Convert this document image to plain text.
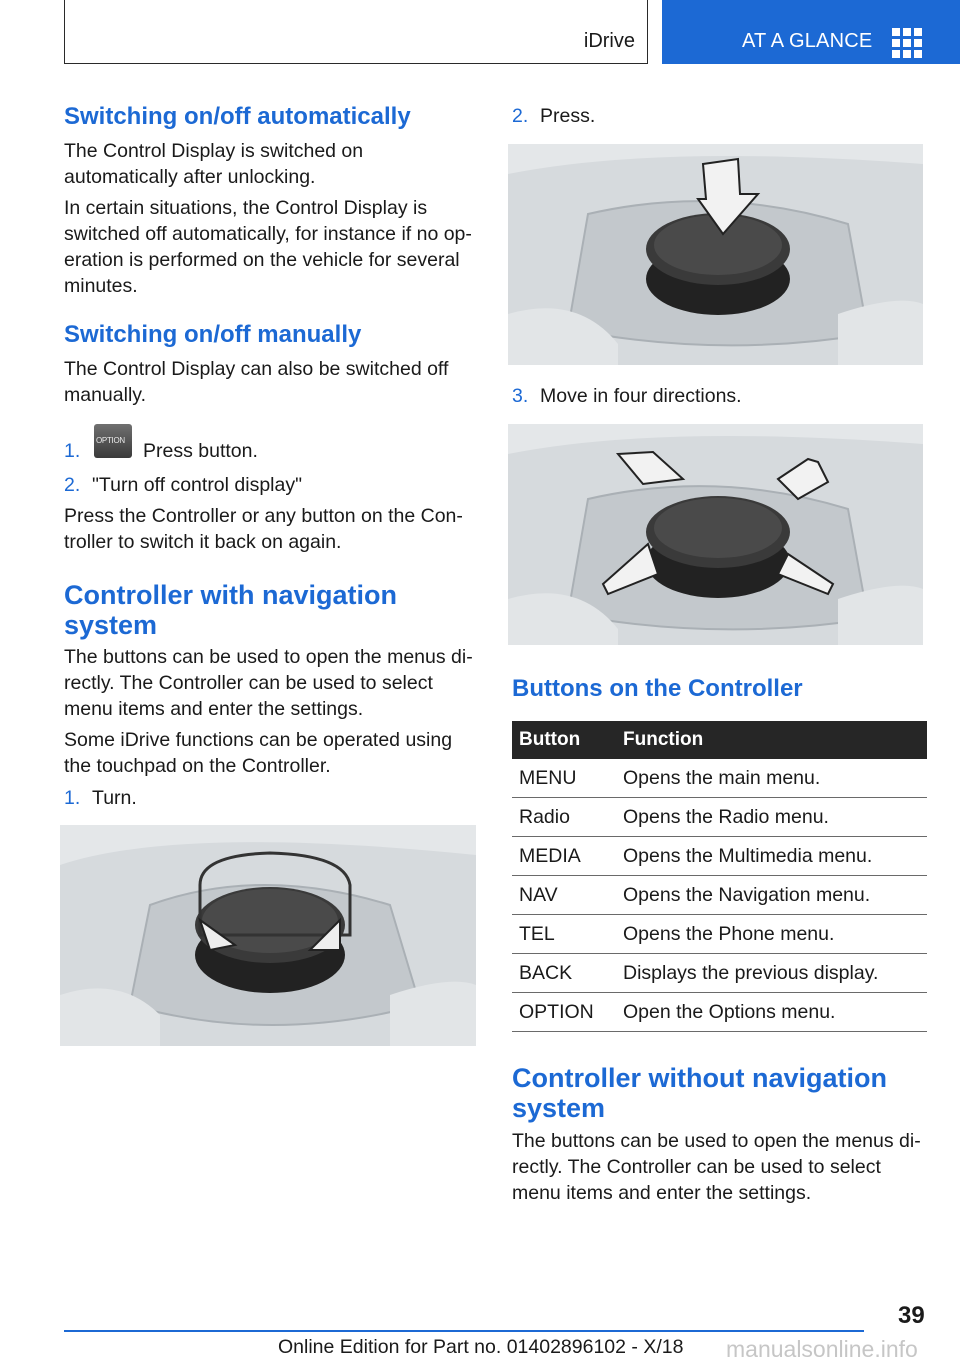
iDrive	AT A GLANCE
Switching on/off automatically

The Control Display is switched on automatically after unlocking.

In certain situations, the Control Display is switched off automatically, for instance if no op-eration is performed on the vehicle for several minutes.

Switching on/off manually

The Control Display can also be switched off manually.

1.	OPTION Press button.

2. "Turn off control display"

Press the Controller or any button on the Con-troller to switch it back on again.

Controller with navigation system

The buttons can be used to open the menus di-rectly. The Controller can be used to select menu items and enter the settings.

Some iDrive functions can be operated using the touchpad on the Controller.

1. Turn.

2. Press.

3. Move in four directions.

Buttons on the Controller
Button	Function
MENU	Opens the main menu.
Radio	Opens the Radio menu.
MEDIA	Opens the Multimedia menu.
NAV	Opens the Navigation menu.
TEL	Opens the Phone menu.
BACK	Displays the previous display.
OPTION	Open the Options menu.
Controller without navigation system

The buttons can be used to open the menus di-rectly. The Controller can be used to select menu items and enter the settings.

39
Online Edition for Part no. 01402896102 - X/18 manualsonline.info
